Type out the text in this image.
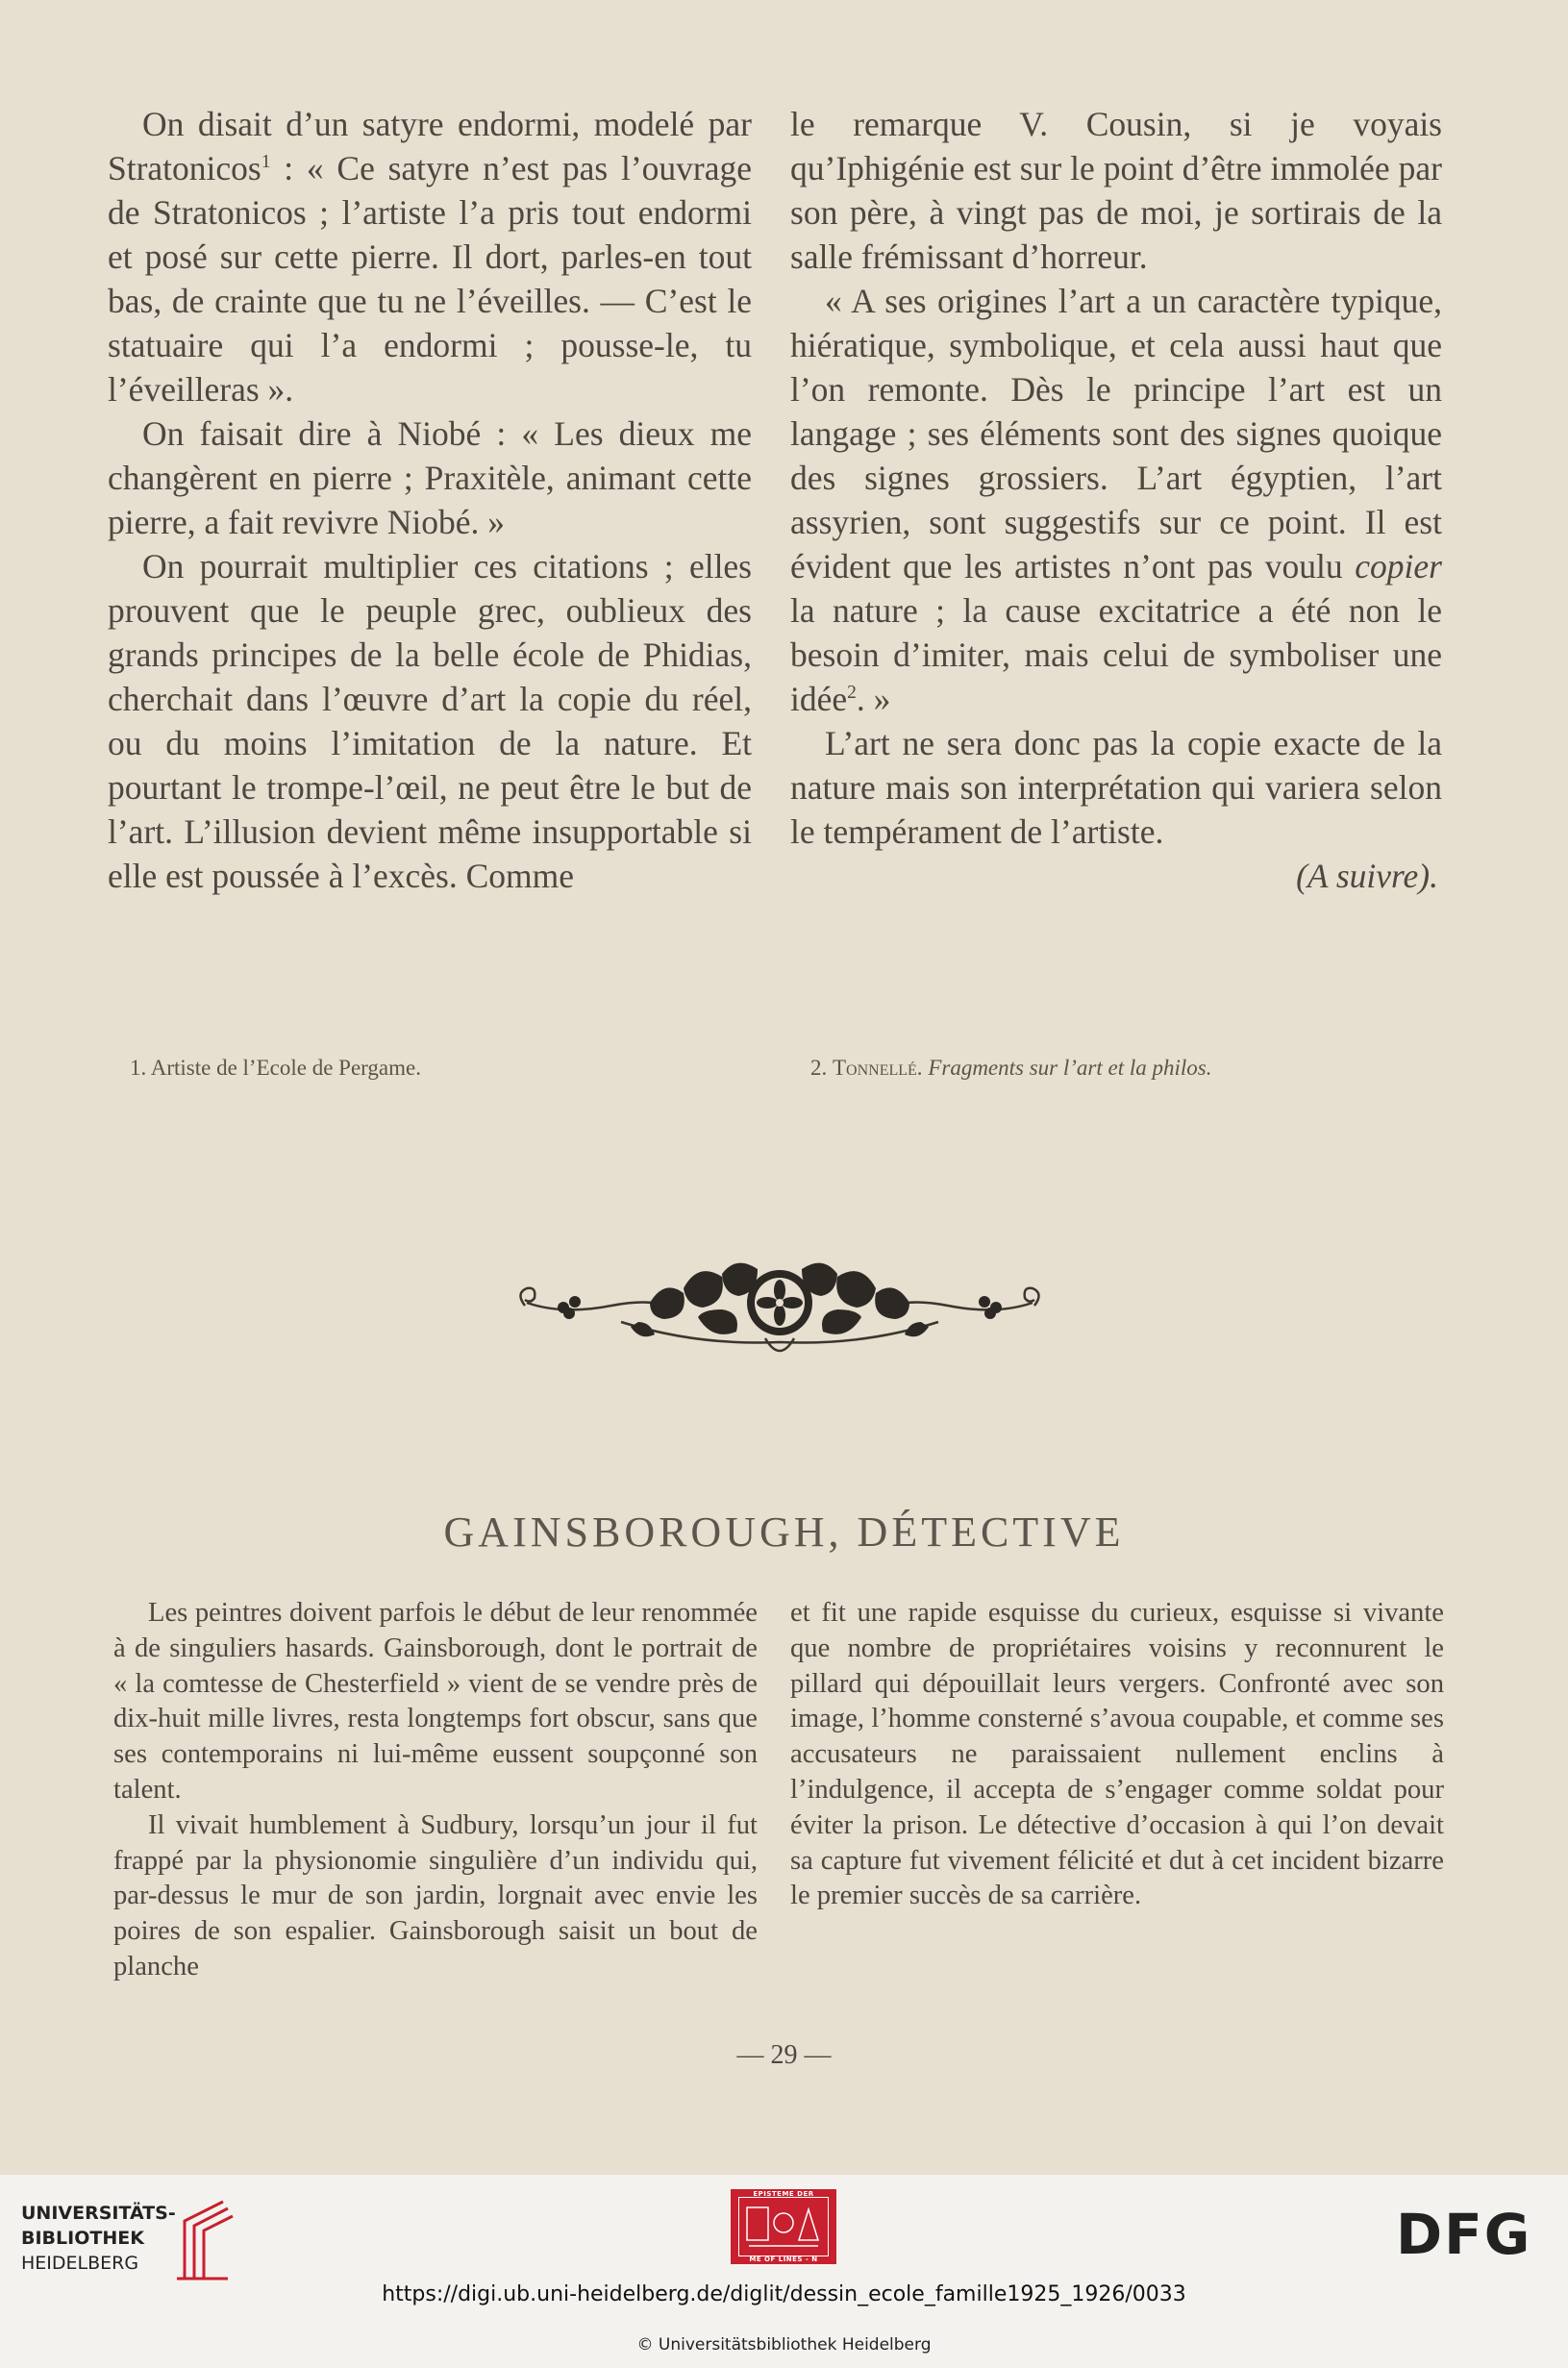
On disait d’un satyre endormi, modelé par Stratonicos$^1$ : « Ce satyre n’est pas l’ouvrage de Stratonicos ; l’artiste l’a pris tout endormi et posé sur cette pierre. Il dort, parles-en tout bas, de crainte que tu ne l’éveilles. — C’est le statuaire qui l’a endormi ; pousse-le, tu l’éveilleras ».

On faisait dire à Niobé : « Les dieux me changèrent en pierre ; Praxitèle, animant cette pierre, a fait revivre Niobé. »

On pourrait multiplier ces citations ; elles prouvent que le peuple grec, oublieux des grands principes de la belle école de Phidias, cherchait dans l’œuvre d’art la copie du réel, ou du moins l’imitation de la nature. Et pourtant le trompe-l’œil, ne peut être le but de l’art. L’illusion devient même insupportable si elle est poussée à l’excès. Comme

le remarque V. Cousin, si je voyais qu’Iphigénie est sur le point d’être immolée par son père, à vingt pas de moi, je sortirais de la salle frémissant d’horreur.

« A ses origines l’art a un caractère typique, hiératique, symbolique, et cela aussi haut que l’on remonte. Dès le principe l’art est un langage ; ses éléments sont des signes quoique des signes grossiers. L’art égyptien, l’art assyrien, sont suggestifs sur ce point. Il est évident que les artistes n’ont pas voulu copier la nature ; la cause excitatrice a été non le besoin d’imiter, mais celui de symboliser une idée$^2$. »

L’art ne sera donc pas la copie exacte de la nature mais son interprétation qui variera selon le tempérament de l’artiste.

(A suivre).

1. Artiste de l’Ecole de Pergame.	2. Tonnellé. Fragments sur l’art et la philos.
GAINSBOROUGH, DÉTECTIVE

Les peintres doivent parfois le début de leur renommée à de singuliers hasards. Gainsborough, dont le portrait de « la comtesse de Chesterfield » vient de se vendre près de dix-huit mille livres, resta longtemps fort obscur, sans que ses contemporains ni lui-même eussent soupçonné son talent.

Il vivait humblement à Sudbury, lorsqu’un jour il fut frappé par la physionomie singulière d’un individu qui, par-dessus le mur de son jardin, lorgnait avec envie les poires de son espalier. Gainsborough saisit un bout de planche

et fit une rapide esquisse du curieux, esquisse si vivante que nombre de propriétaires voisins y reconnurent le pillard qui dépouillait leurs vergers. Confronté avec son image, l’homme consterné s’avoua coupable, et comme ses accusateurs ne paraissaient nullement enclins à l’indulgence, il accepta de s’engager comme soldat pour éviter la prison. Le détective d’occasion à qui l’on devait sa capture fut vivement félicité et dut à cet incident bizarre le premier succès de sa carrière.

— 29 —
UNIVERSITÄTS-
BIBLIOTHEK
HEIDELBERG
EPISTEME DER
ME OF LINES - N	DFG
https://digi.ub.uni-heidelberg.de/diglit/dessin_ecole_famille1925_1926/0033
© Universitätsbibliothek Heidelberg
